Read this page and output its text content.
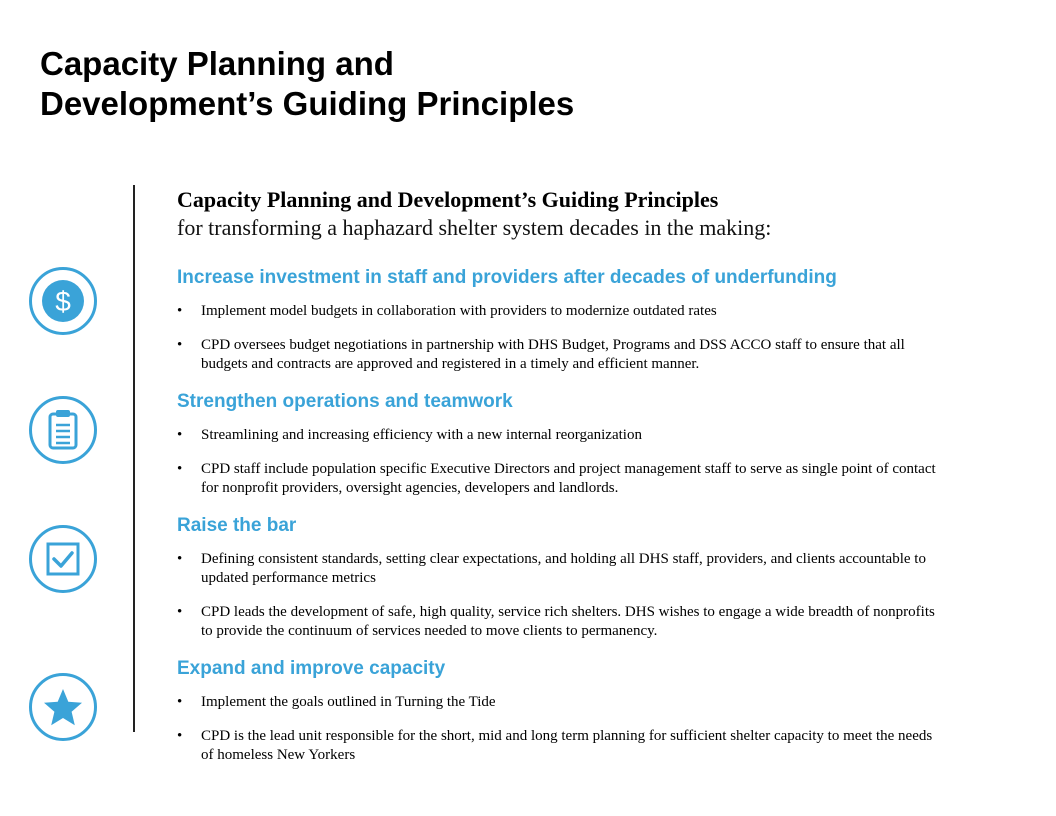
Capacity Planning and
Development’s Guiding Principles
$

Capacity Planning and Development’s Guiding Principles

for transforming a haphazard shelter system decades in the making:

Increase investment in staff and providers after decades of underfunding
• Implement model budgets in collaboration with providers to modernize outdated rates
• CPD oversees budget negotiations in partnership with DHS Budget, Programs and DSS ACCO staff to ensure that all budgets and contracts are approved and registered in a timely and efficient manner.
Strengthen operations and teamwork
• Streamlining and increasing efficiency with a new internal reorganization
• CPD staff include population specific Executive Directors and project management staff to serve as single point of contact for nonprofit providers, oversight agencies, developers and landlords.
Raise the bar
• Defining consistent standards, setting clear expectations, and holding all DHS staff, providers, and clients accountable to updated performance metrics
• CPD leads the development of safe, high quality, service rich shelters. DHS wishes to engage a wide breadth of nonprofits to provide the continuum of services needed to move clients to permanency.
Expand and improve capacity
• Implement the goals outlined in Turning the Tide
• CPD is the lead unit responsible for the short, mid and long term planning for sufficient shelter capacity to meet the needs of homeless New Yorkers
